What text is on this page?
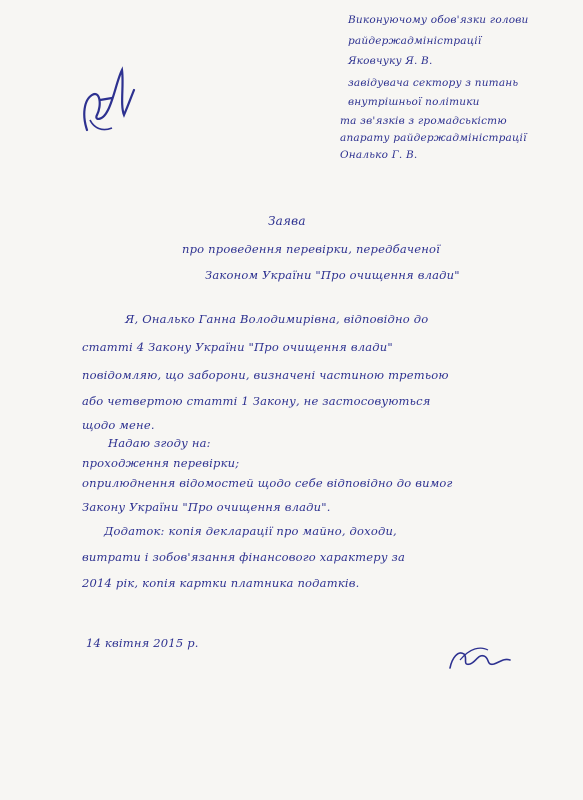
Виконуючому обов'язки голови
райдержадміністрації
Яковчуку Я. В.
завідувача сектору з питань
внутрішньої політики
та зв'язків з громадськістю
апарату райдержадміністрації
Ональко Г. В.
Заява
про проведення перевірки, передбаченої
Законом України "Про очищення влади"
Я, Ональко Ганна Володимирівна, відповідно до
статті 4 Закону України "Про очищення влади"
повідомляю, що заборони, визначені частиною третьою
або четвертою статті 1 Закону, не застосовуються
щодо мене.
Надаю згоду на:
проходження перевірки;
оприлюднення відомостей щодо себе відповідно до вимог
Закону України "Про очищення влади".
Додаток: копія декларації про майно, доходи,
витрати і зобов'язання фінансового характеру за
2014 рік, копія картки платника податків.
14 квітня 2015 р.
